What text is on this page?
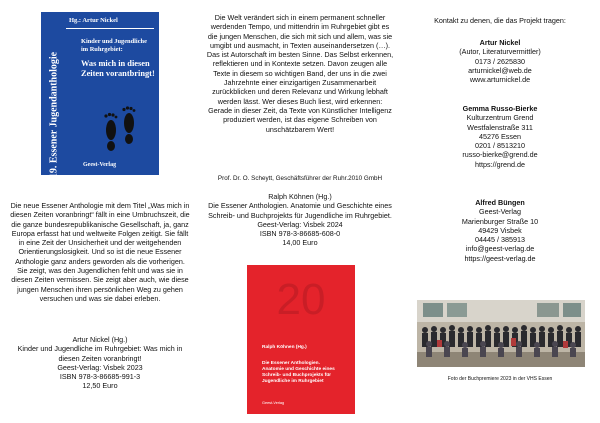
Hg.: Artur Nickel
19. Essener Jugendanthologie
Kinder und Jugendliche im Ruhrgebiet:
Was mich in diesen Zeiten vorantbringt!
Geest-Verlag

Die neue Essener Anthologie mit dem Titel „Was mich in diesen Zeiten voranbringt“ fällt in eine Umbruchszeit, die die ganze bundesrepublikanische Gesellschaft, ja, ganz Europa erfasst hat und weltweite Folgen zeitigt. Sie fällt in eine Zeit der Unsicherheit und der weitgehenden Orientierungslosigkeit. Und so ist die neue Essener Anthologie ganz anders geworden als die vorherigen. Sie zeigt, was den Jugendlichen fehlt und was sie in diesen Zeiten vermissen. Sie zeigt aber auch, wie diese jungen Menschen ihren persönlichen Weg zu gehen versuchen und was sie dabei erleben.

Artur Nickel (Hg.)

Kinder und Jugendliche im Ruhrgebiet: Was mich in diesen Zeiten voranbringt!

Geest-Verlag: Visbek 2023

ISBN 978-3-86685-991-3

12,50 Euro

Die Welt verändert sich in einem permanent schneller werdenden Tempo, und mittendrin im Ruhrgebiet gibt es die jungen Menschen, die sich mit sich und allem, was sie umgibt und ausmacht, in Texten auseinandersetzen (…). Das ist Autorschaft im besten Sinne. Das Selbst erkennen, reflektieren und in Kontexte setzen. Davon zeugen alle Texte in diesem so wichtigen Band, der uns in die zwei Jahrzehnte einer einzigartigen Zusammenarbeit zurückblicken und deren Relevanz und Wirkung lebhaft werden lässt. Wer dieses Buch liest, wird erkennen: Gerade in dieser Zeit, da Texte von Künstlicher Intelligenz produziert werden, ist das eigene Schreiben von unschätzbarem Wert!

Prof. Dr. O. Scheytt, Geschäftsführer der Ruhr.2010 GmbH

Ralph Köhnen (Hg.)

Die Essener Anthologien. Anatomie und Geschichte eines Schreib- und Buchprojekts für Jugendliche im Ruhrgebiet.

Geest-Verlag: Visbek 2024

ISBN 978-3-86685-608-0

14,00 Euro

20
Ralph Köhnen (Hg.)
Die Essener Anthologien. Anatomie und Geschichte eines Schreib- und Buchprojekts für Jugendliche im Ruhrgebiet
Geest-Verlag

Kontakt zu denen, die das Projekt tragen:

Artur Nickel

(Autor, Literaturvermittler)

0173 / 2625830

arturnickel@web.de

www.arturnickel.de

Gemma Russo-Bierke

Kulturzentrum Grend

Westfalenstraße 311

45276 Essen

0201 / 8513210

russo-bierke@grend.de

https://grend.de

Alfred Büngen

Geest-Verlag

Marienburger Straße 10

49429 Visbek

04445 / 385913

info@geest-verlag.de

https://geest-verlag.de

Foto der Buchpremiere 2023 in der VHS Essen
